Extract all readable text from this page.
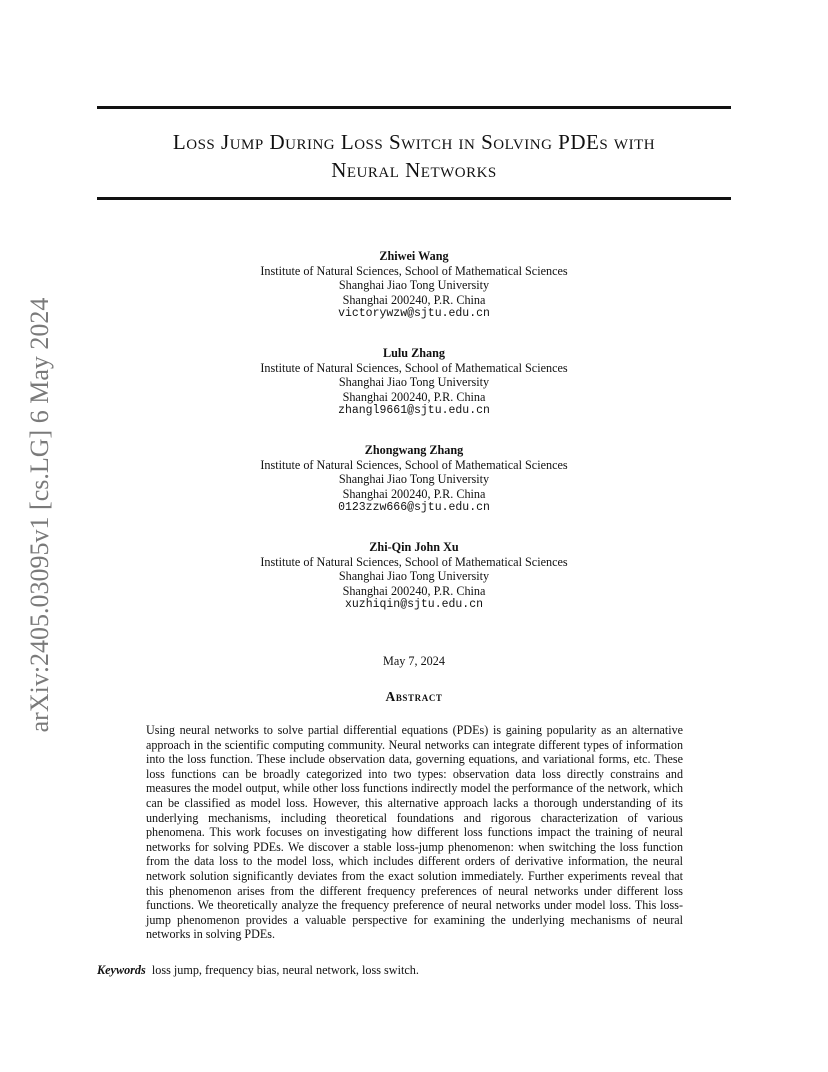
arXiv:2405.03095v1 [cs.LG] 6 May 2024
Loss Jump During Loss Switch in Solving PDEs with
Neural Networks
Zhiwei Wang
Institute of Natural Sciences, School of Mathematical Sciences
Shanghai Jiao Tong University
Shanghai 200240, P.R. China
victorywzw@sjtu.edu.cn
Lulu Zhang
Institute of Natural Sciences, School of Mathematical Sciences
Shanghai Jiao Tong University
Shanghai 200240, P.R. China
zhangl9661@sjtu.edu.cn
Zhongwang Zhang
Institute of Natural Sciences, School of Mathematical Sciences
Shanghai Jiao Tong University
Shanghai 200240, P.R. China
0123zzw666@sjtu.edu.cn
Zhi-Qin John Xu
Institute of Natural Sciences, School of Mathematical Sciences
Shanghai Jiao Tong University
Shanghai 200240, P.R. China
xuzhiqin@sjtu.edu.cn
May 7, 2024
Abstract
Using neural networks to solve partial differential equations (PDEs) is gaining popularity as an alternative approach in the scientific computing community. Neural networks can integrate different types of information into the loss function. These include observation data, governing equations, and variational forms, etc. These loss functions can be broadly categorized into two types: observation data loss directly constrains and measures the model output, while other loss functions indirectly model the performance of the network, which can be classified as model loss. However, this alternative approach lacks a thorough understanding of its underlying mechanisms, including theoretical foundations and rigorous characterization of various phenomena. This work focuses on investigating how different loss functions impact the training of neural networks for solving PDEs. We discover a stable loss-jump phenomenon: when switching the loss function from the data loss to the model loss, which includes different orders of derivative information, the neural network solution significantly deviates from the exact solution immediately. Further experiments reveal that this phenomenon arises from the different frequency preferences of neural networks under different loss functions. We theoretically analyze the frequency preference of neural networks under model loss. This loss-jump phenomenon provides a valuable perspective for examining the underlying mechanisms of neural networks in solving PDEs.
Keywords loss jump, frequency bias, neural network, loss switch.
